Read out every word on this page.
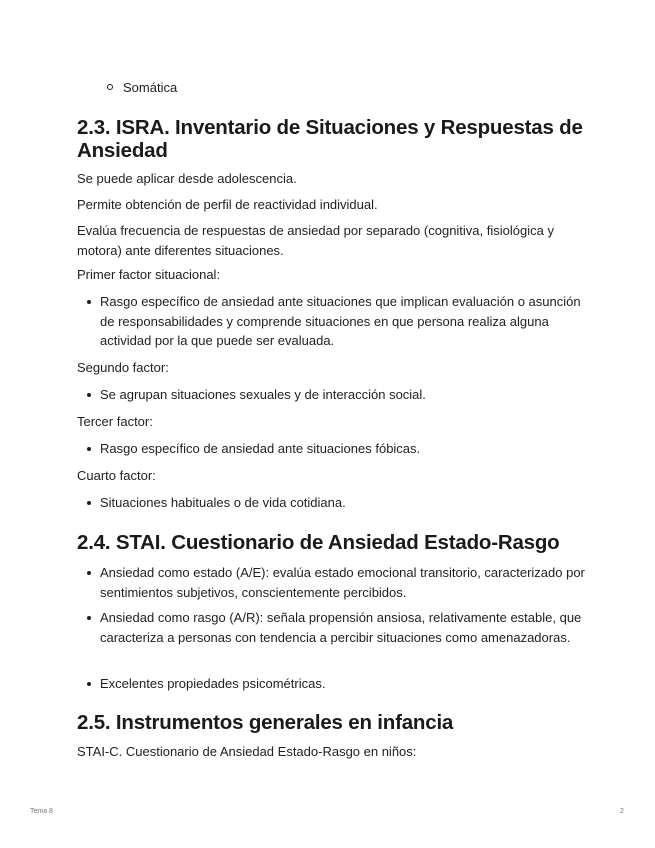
Somática
2.3. ISRA. Inventario de Situaciones y Respuestas de Ansiedad

Se puede aplicar desde adolescencia.

Permite obtención de perfil de reactividad individual.

Evalúa frecuencia de respuestas de ansiedad por separado (cognitiva, fisiológica y motora) ante diferentes situaciones.

Primer factor situacional:

Rasgo específico de ansiedad ante situaciones que implican evaluación o asunción de responsabilidades y comprende situaciones en que persona realiza alguna actividad por la que puede ser evaluada.

Segundo factor:

Se agrupan situaciones sexuales y de interacción social.

Tercer factor:

Rasgo específico de ansiedad ante situaciones fóbicas.

Cuarto factor:

Situaciones habituales o de vida cotidiana.
2.4. STAI. Cuestionario de Ansiedad Estado-Rasgo
Ansiedad como estado (A/E): evalúa estado emocional transitorio, caracterizado por sentimientos subjetivos, conscientemente percibidos.
Ansiedad como rasgo (A/R): señala propensión ansiosa, relativamente estable, que caracteriza a personas con tendencia a percibir situaciones como amenazadoras.
Excelentes propiedades psicométricas.
2.5. Instrumentos generales en infancia

STAI-C. Cuestionario de Ansiedad Estado-Rasgo en niños:

Tema 8	2
